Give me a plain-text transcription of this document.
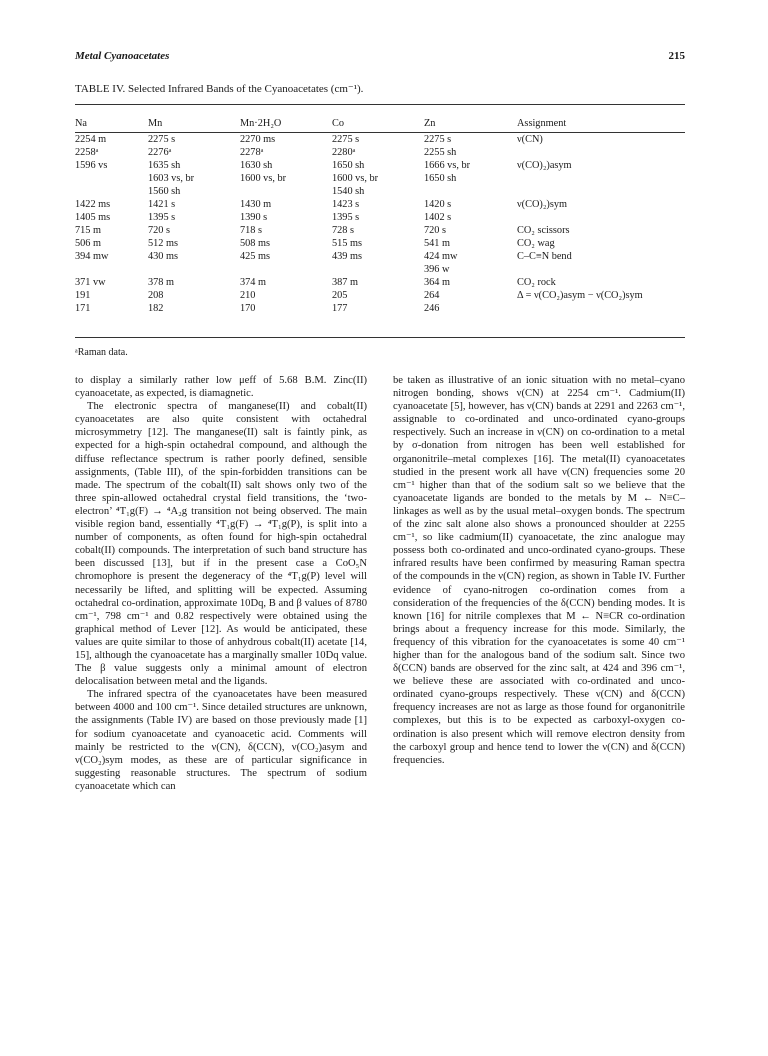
Metal Cyanoacetates	215
TABLE IV. Selected Infrared Bands of the Cyanoacetates (cm⁻¹).
Na	Mn	Mn·2H₂O	Co	Zn	Assignment
2254 m	2275 s	2270 ms	2275 s	2275 s	ν(CN)
2258ᵃ	2276ᵃ	2278ᵃ	2280ᵃ	2255 sh	
1596 vs	1635 sh	1630 sh	1650 sh	1666 vs, br	ν(CO)₂)asym
	1603 vs, br	1600 vs, br	1600 vs, br	1650 sh	
	1560 sh		1540 sh		
1422 ms	1421 s	1430 m	1423 s	1420 s	ν(CO)₂)sym
1405 ms	1395 s	1390 s	1395 s	1402 s	
715 m	720 s	718 s	728 s	720 s	CO₂ scissors
506 m	512 ms	508 ms	515 ms	541 m	CO₂ wag
394 mw	430 ms	425 ms	439 ms	424 mw	C–C≡N bend
				396 w	
371 vw	378 m	374 m	387 m	364 m	CO₂ rock
191	208	210	205	264	Δ = ν(CO₂)asym − ν(CO₂)sym
171	182	170	177	246	
ᵃRaman data.

to display a similarly rather low μeff of 5.68 B.M. Zinc(II) cyanoacetate, as expected, is diamagnetic.

The electronic spectra of manganese(II) and cobalt(II) cyanoacetates are also quite consistent with octahedral microsymmetry [12]. The manganese(II) salt is faintly pink, as expected for a high-spin octahedral compound, and although the diffuse reflectance spectrum is rather poorly defined, sensible assignments, (Table III), of the spin-forbidden transitions can be made. The spectrum of the cobalt(II) salt shows only two of the three spin-allowed octahedral crystal field transitions, the ‘two-electron’ ⁴T₁g(F) → ⁴A₂g transition not being observed. The main visible region band, essentially ⁴T₁g(F) → ⁴T₁g(P), is split into a number of components, as often found for high-spin octahedral cobalt(II) compounds. The interpretation of such band structure has been discussed [13], but if in the present case a CoO₅N chromophore is present the degeneracy of the ⁴T₁g(P) level will necessarily be lifted, and splitting will be expected. Assuming octahedral co-ordination, approximate 10Dq, B and β values of 8780 cm⁻¹, 798 cm⁻¹ and 0.82 respectively were obtained using the graphical method of Lever [12]. As would be anticipated, these values are quite similar to those of anhydrous cobalt(II) acetate [14, 15], although the cyanoacetate has a marginally smaller 10Dq value. The β value suggests only a minimal amount of electron delocalisation between metal and the ligands.

The infrared spectra of the cyanoacetates have been measured between 4000 and 100 cm⁻¹. Since detailed structures are unknown, the assignments (Table IV) are based on those previously made [1] for sodium cyanoacetate and cyanoacetic acid. Comments will mainly be restricted to the ν(CN), δ(CCN), ν(CO₂)asym and ν(CO₂)sym modes, as these are of particular significance in suggesting reasonable structures. The spectrum of sodium cyanoacetate which can

be taken as illustrative of an ionic situation with no metal–cyano nitrogen bonding, shows ν(CN) at 2254 cm⁻¹. Cadmium(II) cyanoacetate [5], however, has ν(CN) bands at 2291 and 2263 cm⁻¹, assignable to co-ordinated and unco-ordinated cyano-groups respectively. Such an increase in ν(CN) on co-ordination to a metal by σ-donation from nitrogen has been well established for organonitrile–metal complexes [16]. The metal(II) cyanoacetates studied in the present work all have ν(CN) frequencies some 20 cm⁻¹ higher than that of the sodium salt so we believe that the cyanoacetate ligands are bonded to the metals by M ← N≡C– linkages as well as by the usual metal–oxygen bonds. The spectrum of the zinc salt alone also shows a pronounced shoulder at 2255 cm⁻¹, so like cadmium(II) cyanoacetate, the zinc analogue may possess both co-ordinated and unco-ordinated cyano-groups. These infrared results have been confirmed by measuring Raman spectra of the compounds in the ν(CN) region, as shown in Table IV. Further evidence of cyano-nitrogen co-ordination comes from a consideration of the frequencies of the δ(CCN) bending modes. It is known [16] for nitrile complexes that M ← N≡CR co-ordination brings about a frequency increase for this mode. Similarly, the frequency of this vibration for the cyanoacetates is some 40 cm⁻¹ higher than for the analogous band of the sodium salt. Since two δ(CCN) bands are observed for the zinc salt, at 424 and 396 cm⁻¹, we believe these are associated with co-ordinated and unco-ordinated cyano-groups respectively. These ν(CN) and δ(CCN) frequency increases are not as large as those found for organonitrile complexes, but this is to be expected as carboxyl-oxygen co-ordination is also present which will remove electron density from the carboxyl group and hence tend to lower the ν(CN) and δ(CCN) frequencies.
